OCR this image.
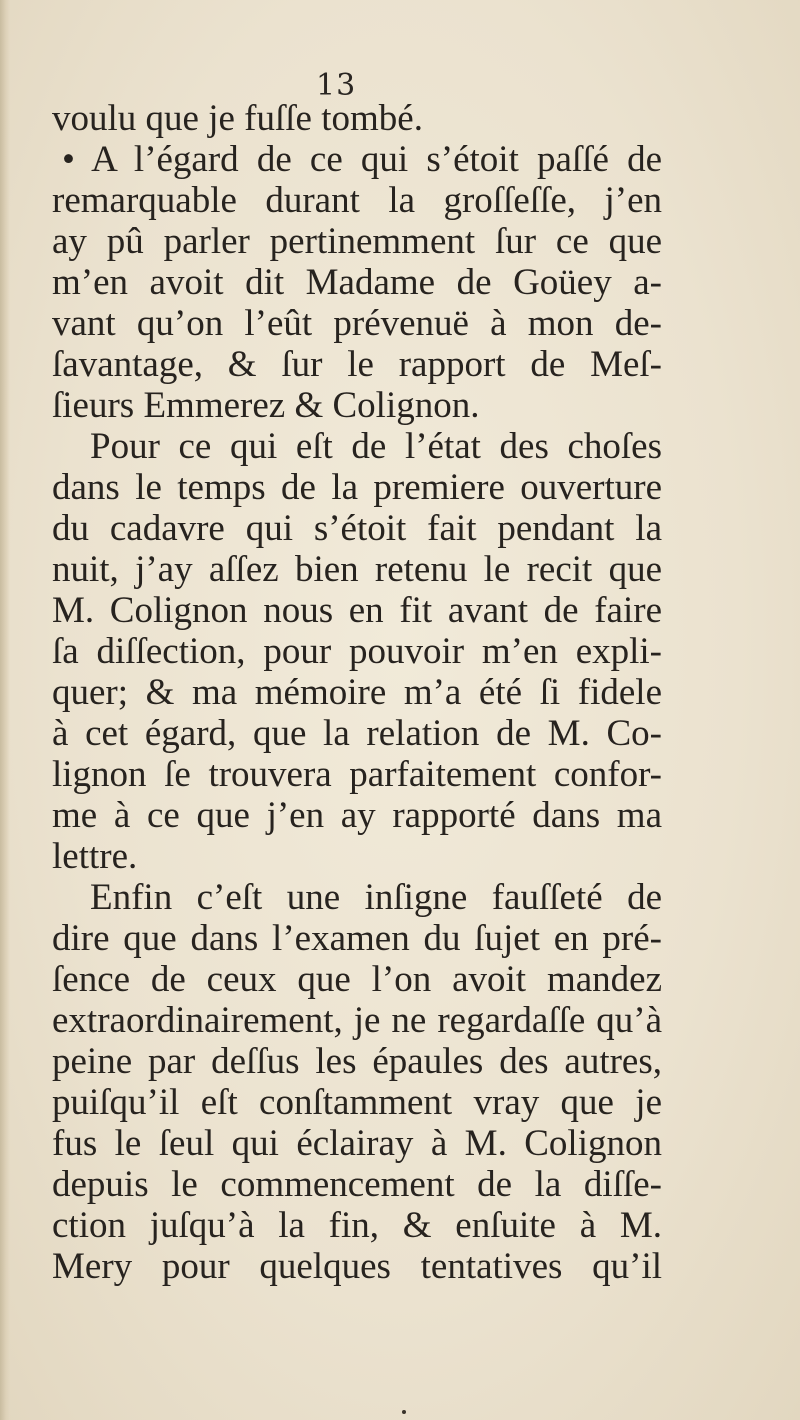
13
voulu que je fuſſe tombé.
• A l’égard de ce qui s’étoit paſſé de
remarquable durant la groſſeſſe, j’en
ay pû parler pertinemment ſur ce que
m’en avoit dit Madame de Goüey a-
vant qu’on l’eût prévenuë à mon de-
ſavantage, & ſur le rapport de Meſ-
ſieurs Emmerez & Colignon.
Pour ce qui eſt de l’état des choſes
dans le temps de la premiere ouverture
du cadavre qui s’étoit fait pendant la
nuit, j’ay aſſez bien retenu le recit que
M. Colignon nous en fit avant de faire
ſa diſſection, pour pouvoir m’en expli-
quer; & ma mémoire m’a été ſi fidele
à cet égard, que la relation de M. Co-
lignon ſe trouvera parfaitement confor-
me à ce que j’en ay rapporté dans ma
lettre.
Enfin c’eſt une inſigne fauſſeté de
dire que dans l’examen du ſujet en pré-
ſence de ceux que l’on avoit mandez
extraordinairement, je ne regardaſſe qu’à
peine par deſſus les épaules des autres,
puiſqu’il eſt conſtamment vray que je
fus le ſeul qui éclairay à M. Colignon
depuis le commencement de la diſſe-
ction juſqu’à la fin, & enſuite à M.
Mery pour quelques tentatives qu’il
